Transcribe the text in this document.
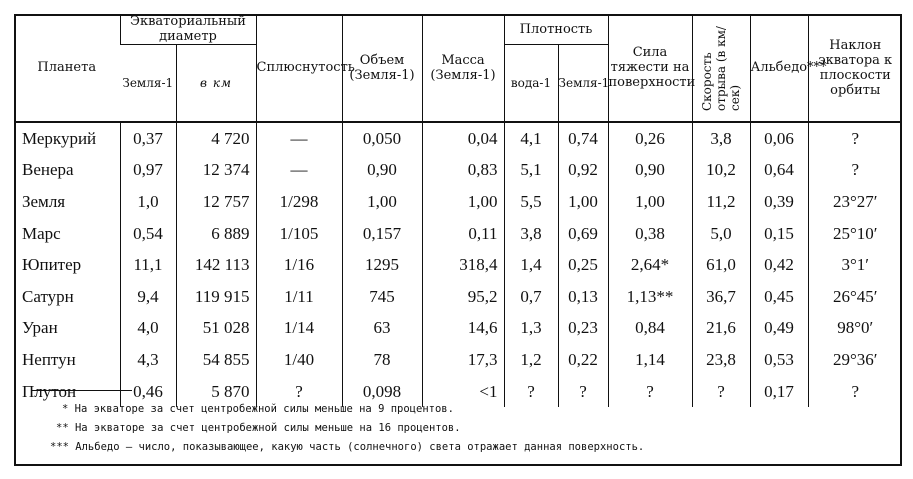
Планета	Экваториальный диаметр		Сплюснутость	Объем (Земля-1)	Масса (Земля-1)	Плотность		Сила тяжести на поверхности	Скорость отрыва (в км/сек)	Альбедо***	Наклон экватора к плоскости орбиты
	Земля-1	в км				вода-1	Земля-1				
Меркурий	0,37	4 720	—	0,050	0,04	4,1	0,74	0,26	3,8	0,06	?
Венера	0,97	12 374	—	0,90	0,83	5,1	0,92	0,90	10,2	0,64	?
Земля	1,0	12 757	1/298	1,00	1,00	5,5	1,00	1,00	11,2	0,39	23°27′
Марс	0,54	6 889	1/105	0,157	0,11	3,8	0,69	0,38	5,0	0,15	25°10′
Юпитер	11,1	142 113	1/16	1295	318,4	1,4	0,25	2,64*	61,0	0,42	3°1′
Сатурн	9,4	119 915	1/11	745	95,2	0,7	0,13	1,13**	36,7	0,45	26°45′
Уран	4,0	51 028	1/14	63	14,6	1,3	0,23	0,84	21,6	0,49	98°0′
Нептун	4,3	54 855	1/40	78	17,3	1,2	0,22	1,14	23,8	0,53	29°36′
Плутон	0,46	5 870	?	0,098	<1	?	?	?	?	0,17	?
* На экваторе за счет центробежной силы меньше на 9 процентов.
** На экваторе за счет центробежной силы меньше на 16 процентов.
*** Альбедо — число, показывающее, какую часть (солнечного) света отражает данная поверхность.
